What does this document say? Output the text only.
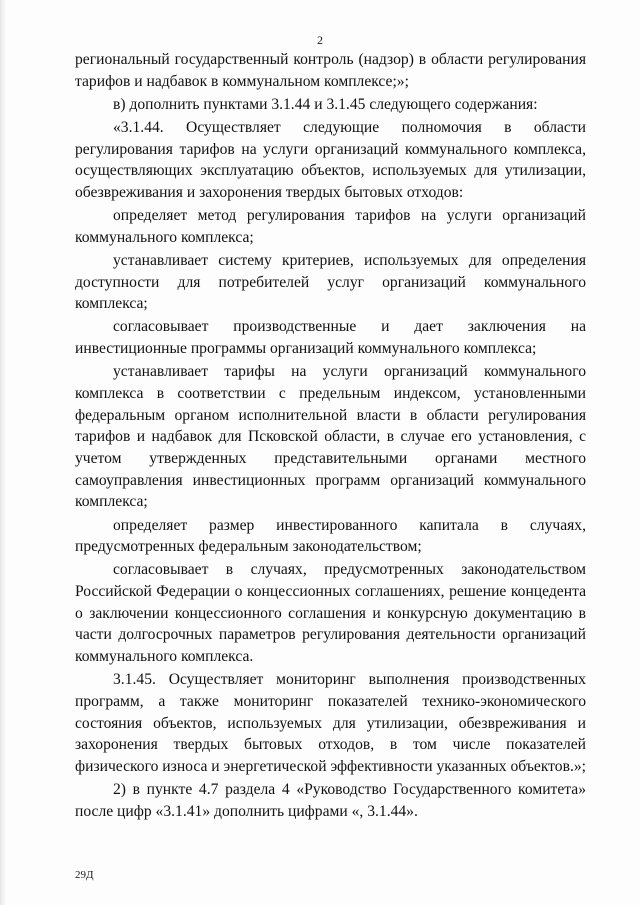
2

региональный государственный контроль (надзор) в области регулирования тарифов и надбавок в коммунальном комплексе;»;

в) дополнить пунктами 3.1.44 и 3.1.45 следующего содержания:

«3.1.44. Осуществляет следующие полномочия в области регулирования тарифов на услуги организаций коммунального комплекса, осуществляющих эксплуатацию объектов, используемых для утилизации, обезвреживания и захоронения твердых бытовых отходов:

определяет метод регулирования тарифов на услуги организаций коммунального комплекса;

устанавливает систему критериев, используемых для определения доступности для потребителей услуг организаций коммунального комплекса;

согласовывает производственные и дает заключения на инвестиционные программы организаций коммунального комплекса;

устанавливает тарифы на услуги организаций коммунального комплекса в соответствии с предельным индексом, установленными федеральным органом исполнительной власти в области регулирования тарифов и надбавок для Псковской области, в случае его установления, с учетом утвержденных представительными органами местного самоуправления инвестиционных программ организаций коммунального комплекса;

определяет размер инвестированного капитала в случаях, предусмотренных федеральным законодательством;

согласовывает в случаях, предусмотренных законодательством Российской Федерации о концессионных соглашениях, решение концедента о заключении концессионного соглашения и конкурсную документацию в части долгосрочных параметров регулирования деятельности организаций коммунального комплекса.

3.1.45. Осуществляет мониторинг выполнения производственных программ, а также мониторинг показателей технико-экономического состояния объектов, используемых для утилизации, обезвреживания и захоронения твердых бытовых отходов, в том числе показателей физического износа и энергетической эффективности указанных объектов.»;

2) в пункте 4.7 раздела 4 «Руководство Государственного комитета» после цифр «3.1.41» дополнить цифрами «, 3.1.44».

29Д
